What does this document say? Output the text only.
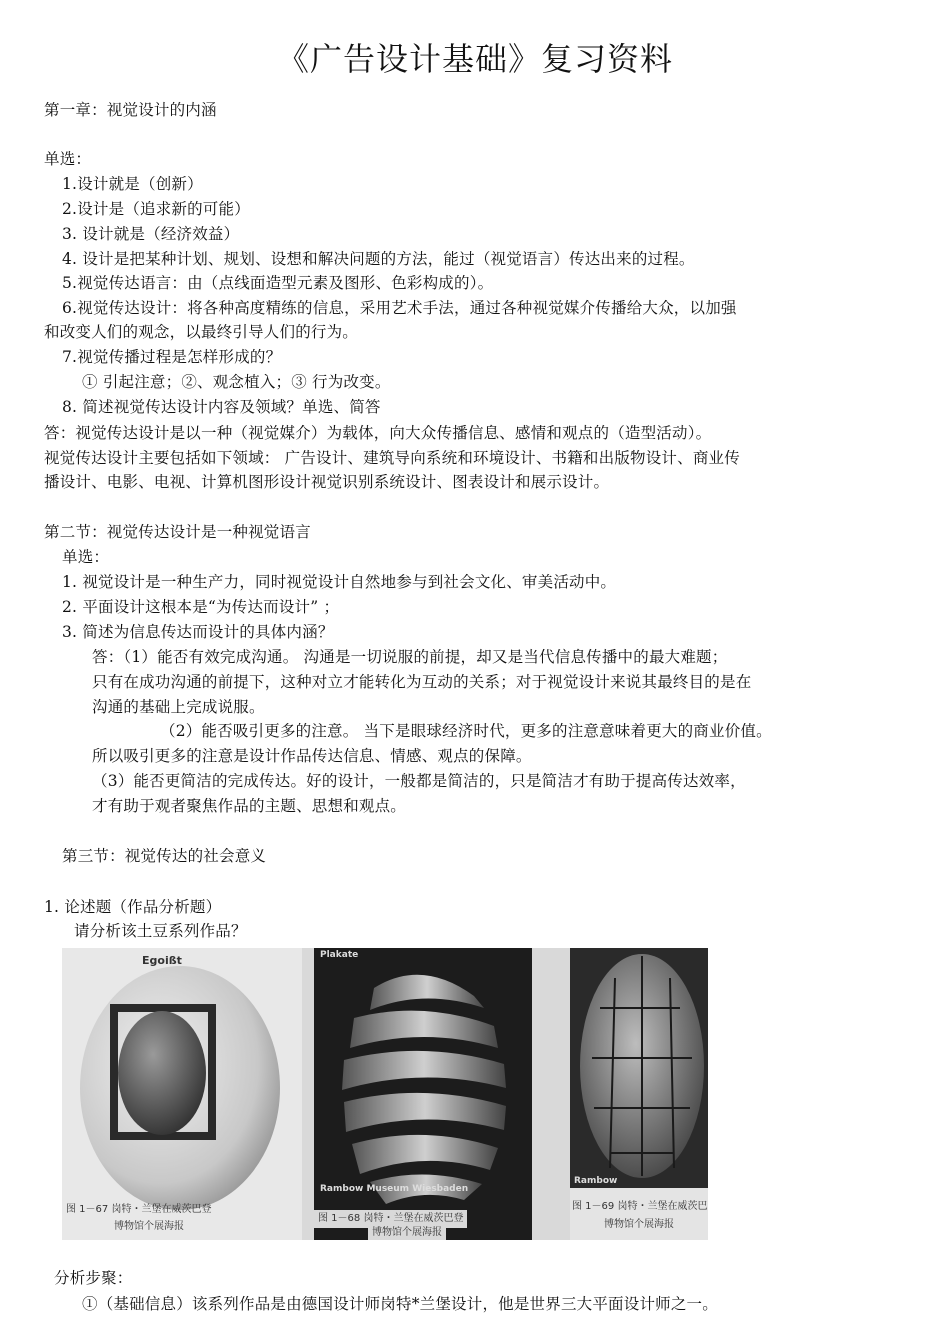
《广告设计基础》复习资料
第一章：视觉设计的内涵
单选：
1.设计就是（创新）
2.设计是（追求新的可能）
3. 设计就是（经济效益）
4. 设计是把某种计划、规划、设想和解决问题的方法，能过（视觉语言）传达出来的过程。
5.视觉传达语言：由（点线面造型元素及图形、色彩构成的）。
6.视觉传达设计：将各种高度精练的信息，采用艺术手法，通过各种视觉媒介传播给大众，以加强
和改变人们的观念，以最终引导人们的行为。
7.视觉传播过程是怎样形成的？
① 引起注意；②、观念植入；③ 行为改变。
8. 简述视觉传达设计内容及领域？单选、简答
答：视觉传达设计是以一种（视觉媒介）为载体，向大众传播信息、感情和观点的（造型活动）。
视觉传达设计主要包括如下领域： 广告设计、建筑导向系统和环境设计、书籍和出版物设计、商业传
播设计、电影、电视、计算机图形设计视觉识别系统设计、图表设计和展示设计。
第二节：视觉传达设计是一种视觉语言
单选：
1. 视觉设计是一种生产力，同时视觉设计自然地参与到社会文化、审美活动中。
2. 平面设计这根本是“为传达而设计” ；
3. 简述为信息传达而设计的具体内涵？
答：（1）能否有效完成沟通。 沟通是一切说服的前提，却又是当代信息传播中的最大难题；
只有在成功沟通的前提下，这种对立才能转化为互动的关系；对于视觉设计来说其最终目的是在
沟通的基础上完成说服。
（2）能否吸引更多的注意。 当下是眼球经济时代，更多的注意意味着更大的商业价值。
所以吸引更多的注意是设计作品传达信息、情感、观点的保障。
（3）能否更简洁的完成传达。好的设计，一般都是简洁的，只是简洁才有助于提高传达效率，
才有助于观者聚焦作品的主题、思想和观点。
第三节：视觉传达的社会意义
1. 论述题（作品分析题）
请分析该土豆系列作品？
Egoißt
图 1－67 岗特・兰堡在威茨巴登
博物馆个展海报
Plakate
Rambow Museum Wiesbaden
图 1－68 岗特・兰堡在威茨巴登
博物馆个展海报
Rambow
图 1－69 岗特・兰堡在威茨巴
博物馆个展海报
分析步聚：
①（基础信息）该系列作品是由德国设计师岗特*兰堡设计，他是世界三大平面设计师之一。
